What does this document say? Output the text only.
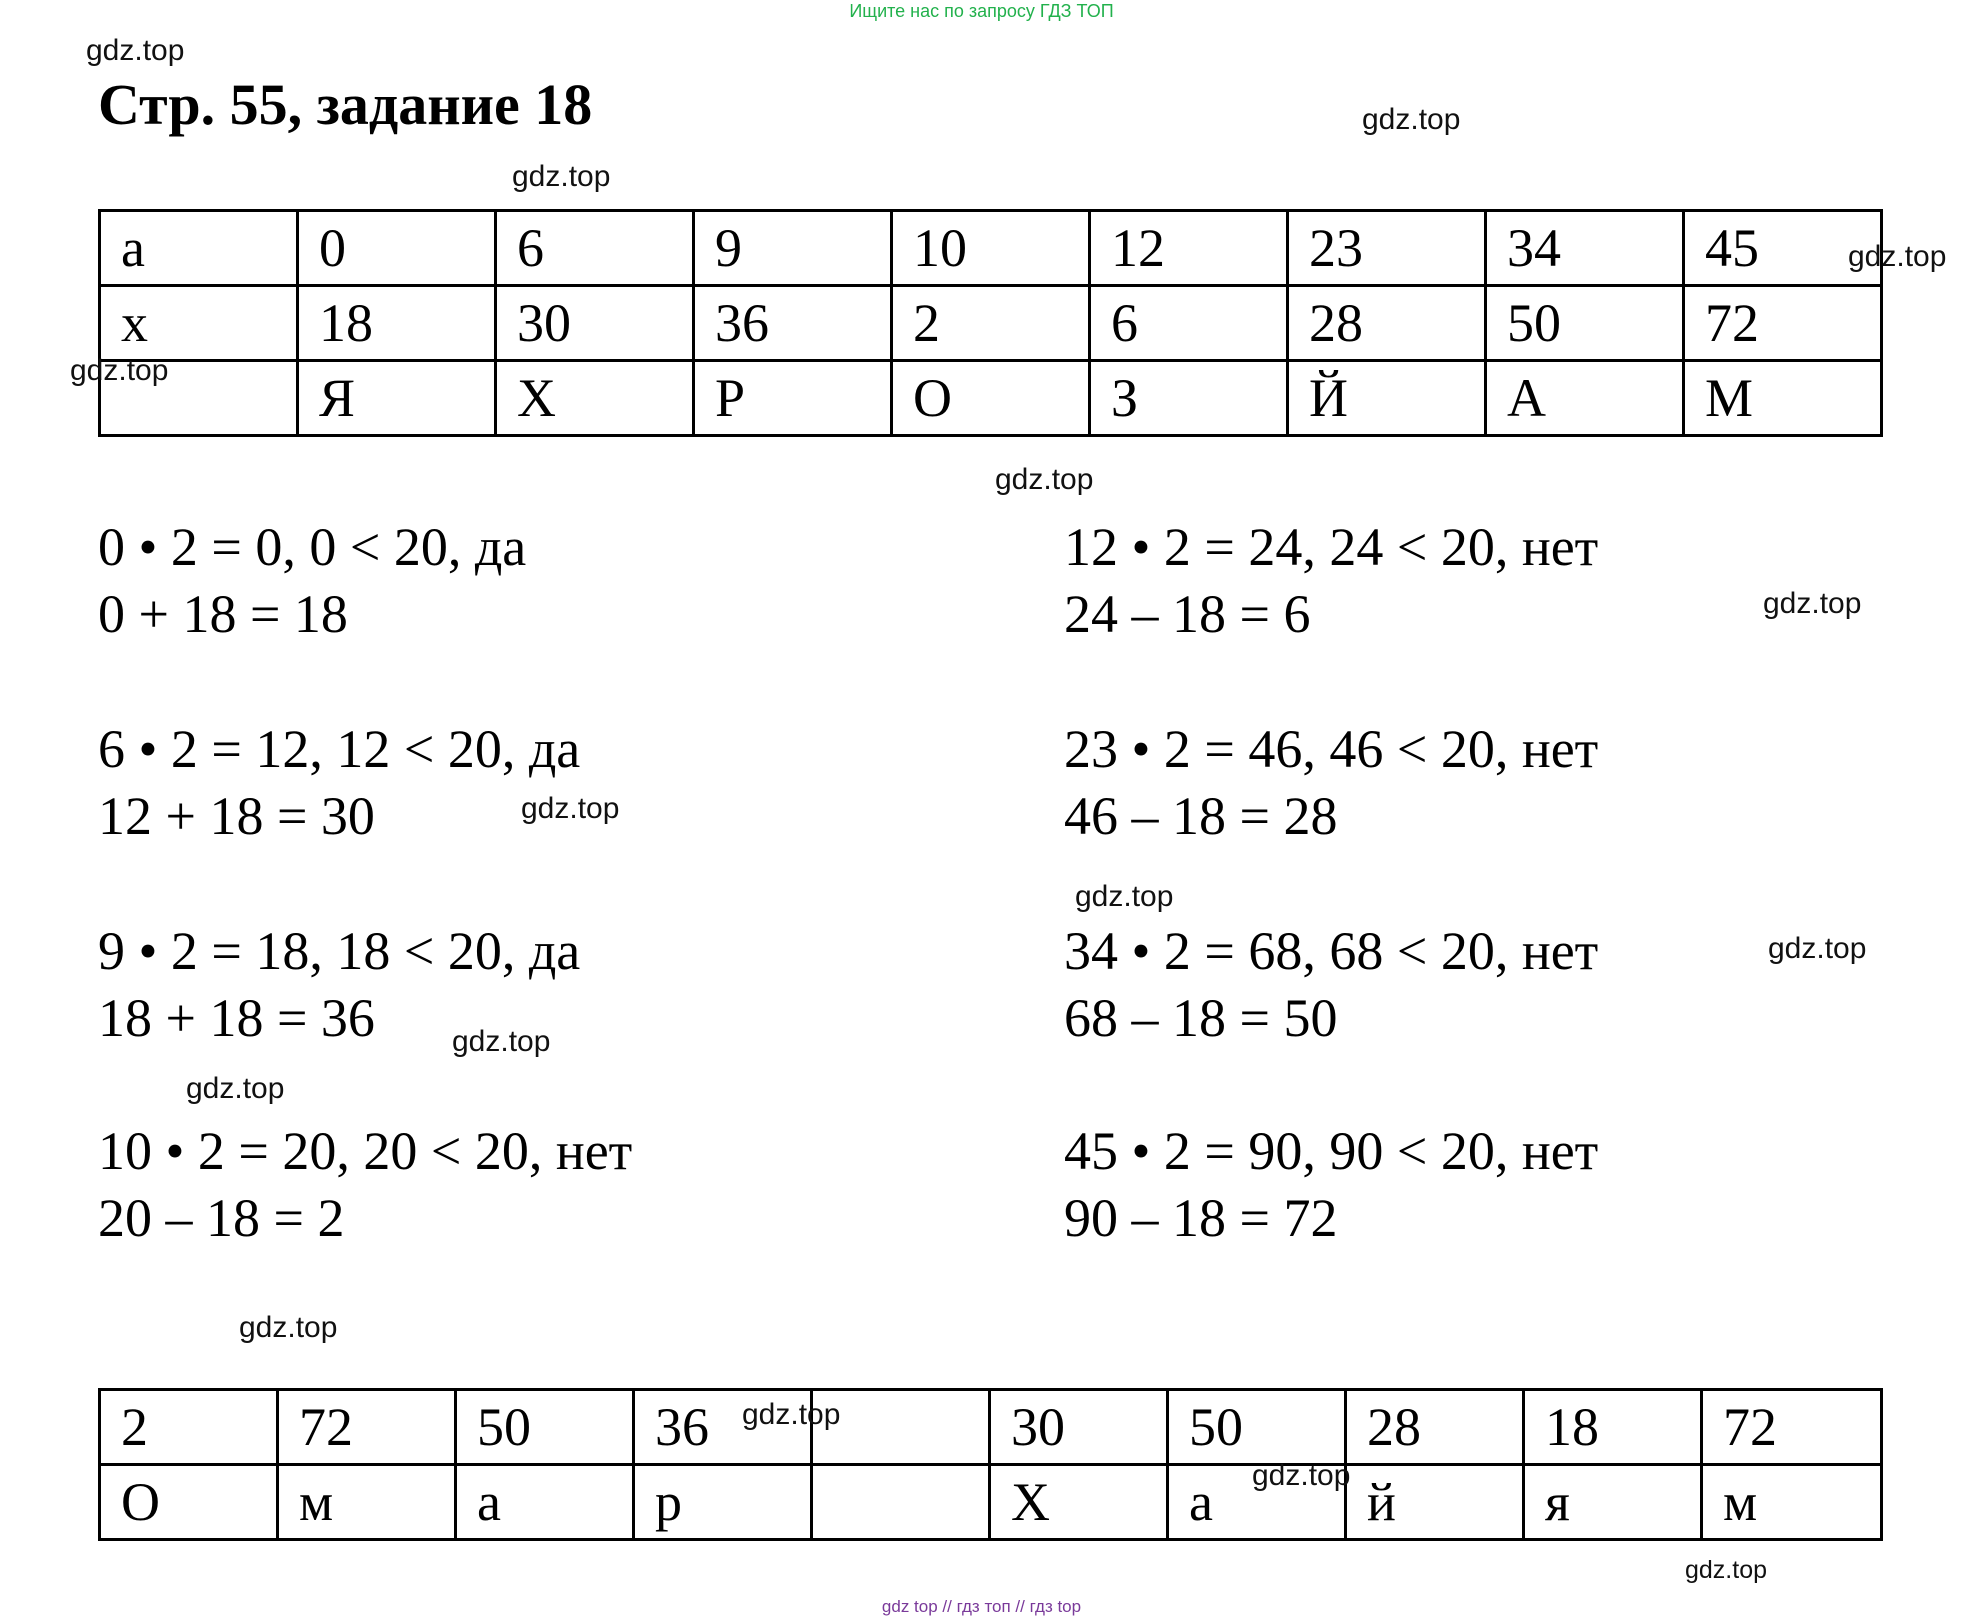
Ищите нас по запросу ГДЗ ТОП
Стр. 55, задание 18
а	0	6	9	10	12	23	34	45
х	18	30	36	2	6	28	50	72
	Я	Х	Р	О	З	Й	А	М
0 • 2 = 0, 0 < 20, да
0 + 18 = 18
6 • 2 = 12, 12 < 20, да
12 + 18 = 30
9 • 2 = 18, 18 < 20, да
18 + 18 = 36
10 • 2 = 20, 20 < 20, нет
20 – 18 = 2
12 • 2 = 24, 24 < 20, нет
24 – 18 = 6
23 • 2 = 46, 46 < 20, нет
46 – 18 = 28
34 • 2 = 68, 68 < 20, нет
68 – 18 = 50
45 • 2 = 90, 90 < 20, нет
90 – 18 = 72
2	72	50	36		30	50	28	18	72
О	м	а	р		Х	а	й	я	м
gdz.top
gdz.top
gdz.top
gdz.top
gdz.top
gdz.top
gdz.top
gdz.top
gdz.top
gdz.top
gdz.top
gdz.top
gdz.top
gdz.top
gdz.top
gdz.top
gdz top // гдз топ // гдз top
